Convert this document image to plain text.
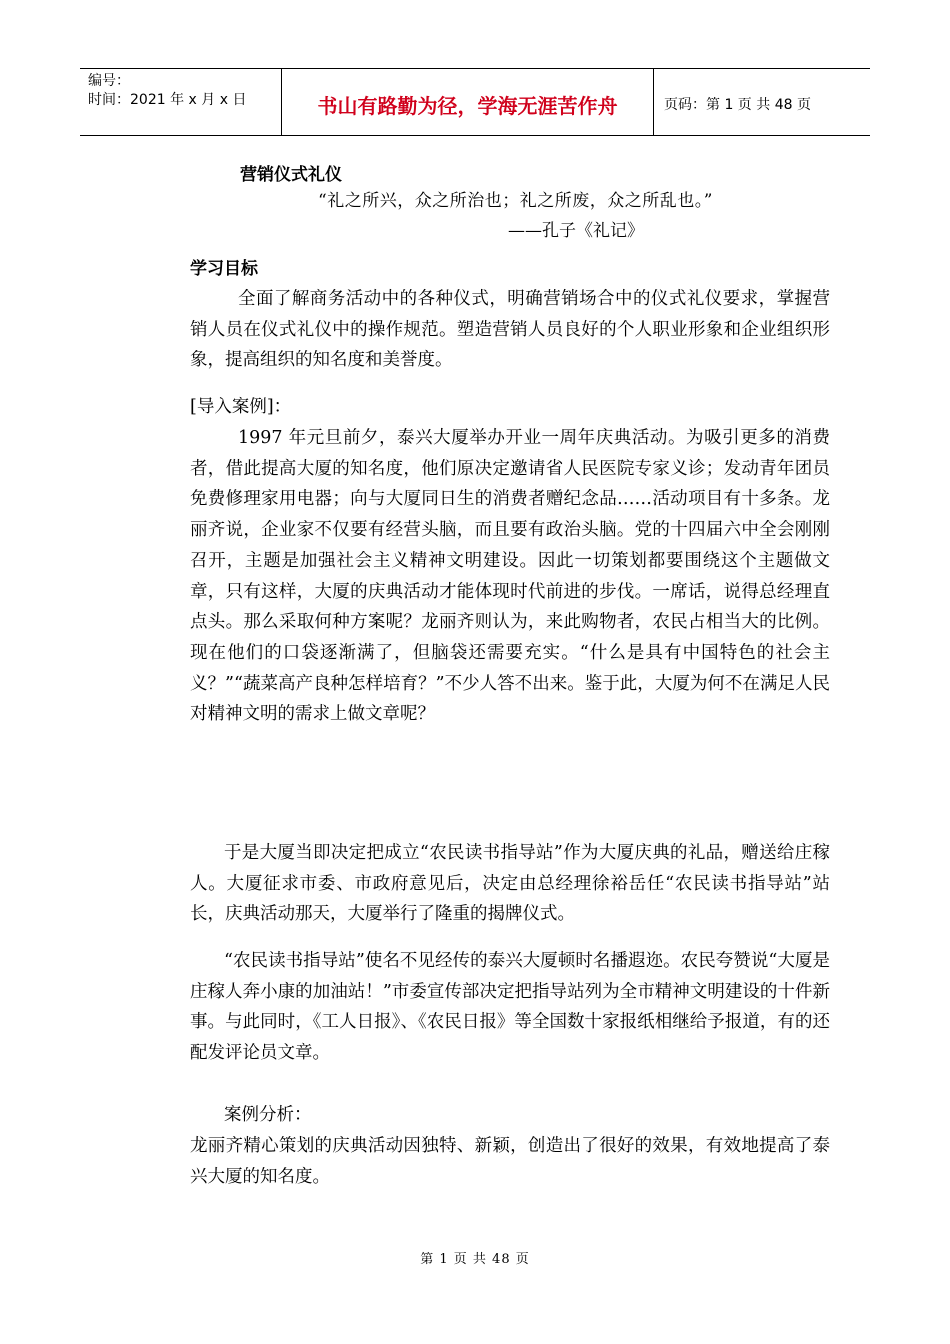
编号：
时间：2021 年 x 月 x 日	书山有路勤为径，学海无涯苦作舟	页码：第 1 页 共 48 页
营销仪式礼仪
“礼之所兴，众之所治也；礼之所废，众之所乱也。”
——孔子《礼记》
学习目标
全面了解商务活动中的各种仪式，明确营销场合中的仪式礼仪要求，掌握营销人员在仪式礼仪中的操作规范。塑造营销人员良好的个人职业形象和企业组织形象，提高组织的知名度和美誉度。
[导入案例]：
1997 年元旦前夕，泰兴大厦举办开业一周年庆典活动。为吸引更多的消费者，借此提高大厦的知名度，他们原决定邀请省人民医院专家义诊；发动青年团员免费修理家用电器；向与大厦同日生的消费者赠纪念品……活动项目有十多条。龙丽齐说，企业家不仅要有经营头脑，而且要有政治头脑。党的十四届六中全会刚刚召开，主题是加强社会主义精神文明建设。因此一切策划都要围绕这个主题做文章，只有这样，大厦的庆典活动才能体现时代前进的步伐。一席话，说得总经理直点头。那么采取何种方案呢？龙丽齐则认为，来此购物者，农民占相当大的比例。现在他们的口袋逐渐满了，但脑袋还需要充实。“什么是具有中国特色的社会主义？”“蔬菜高产良种怎样培育？”不少人答不出来。鉴于此，大厦为何不在满足人民对精神文明的需求上做文章呢？
于是大厦当即决定把成立“农民读书指导站”作为大厦庆典的礼品，赠送给庄稼人。大厦征求市委、市政府意见后，决定由总经理徐裕岳任“农民读书指导站”站长，庆典活动那天，大厦举行了隆重的揭牌仪式。
“农民读书指导站”使名不见经传的泰兴大厦顿时名播遐迩。农民夸赞说“大厦是庄稼人奔小康的加油站！”市委宣传部决定把指导站列为全市精神文明建设的十件新事。与此同时，《工人日报》、《农民日报》等全国数十家报纸相继给予报道，有的还配发评论员文章。
案例分析：
龙丽齐精心策划的庆典活动因独特、新颖，创造出了很好的效果，有效地提高了泰兴大厦的知名度。
第 1 页 共 48 页
